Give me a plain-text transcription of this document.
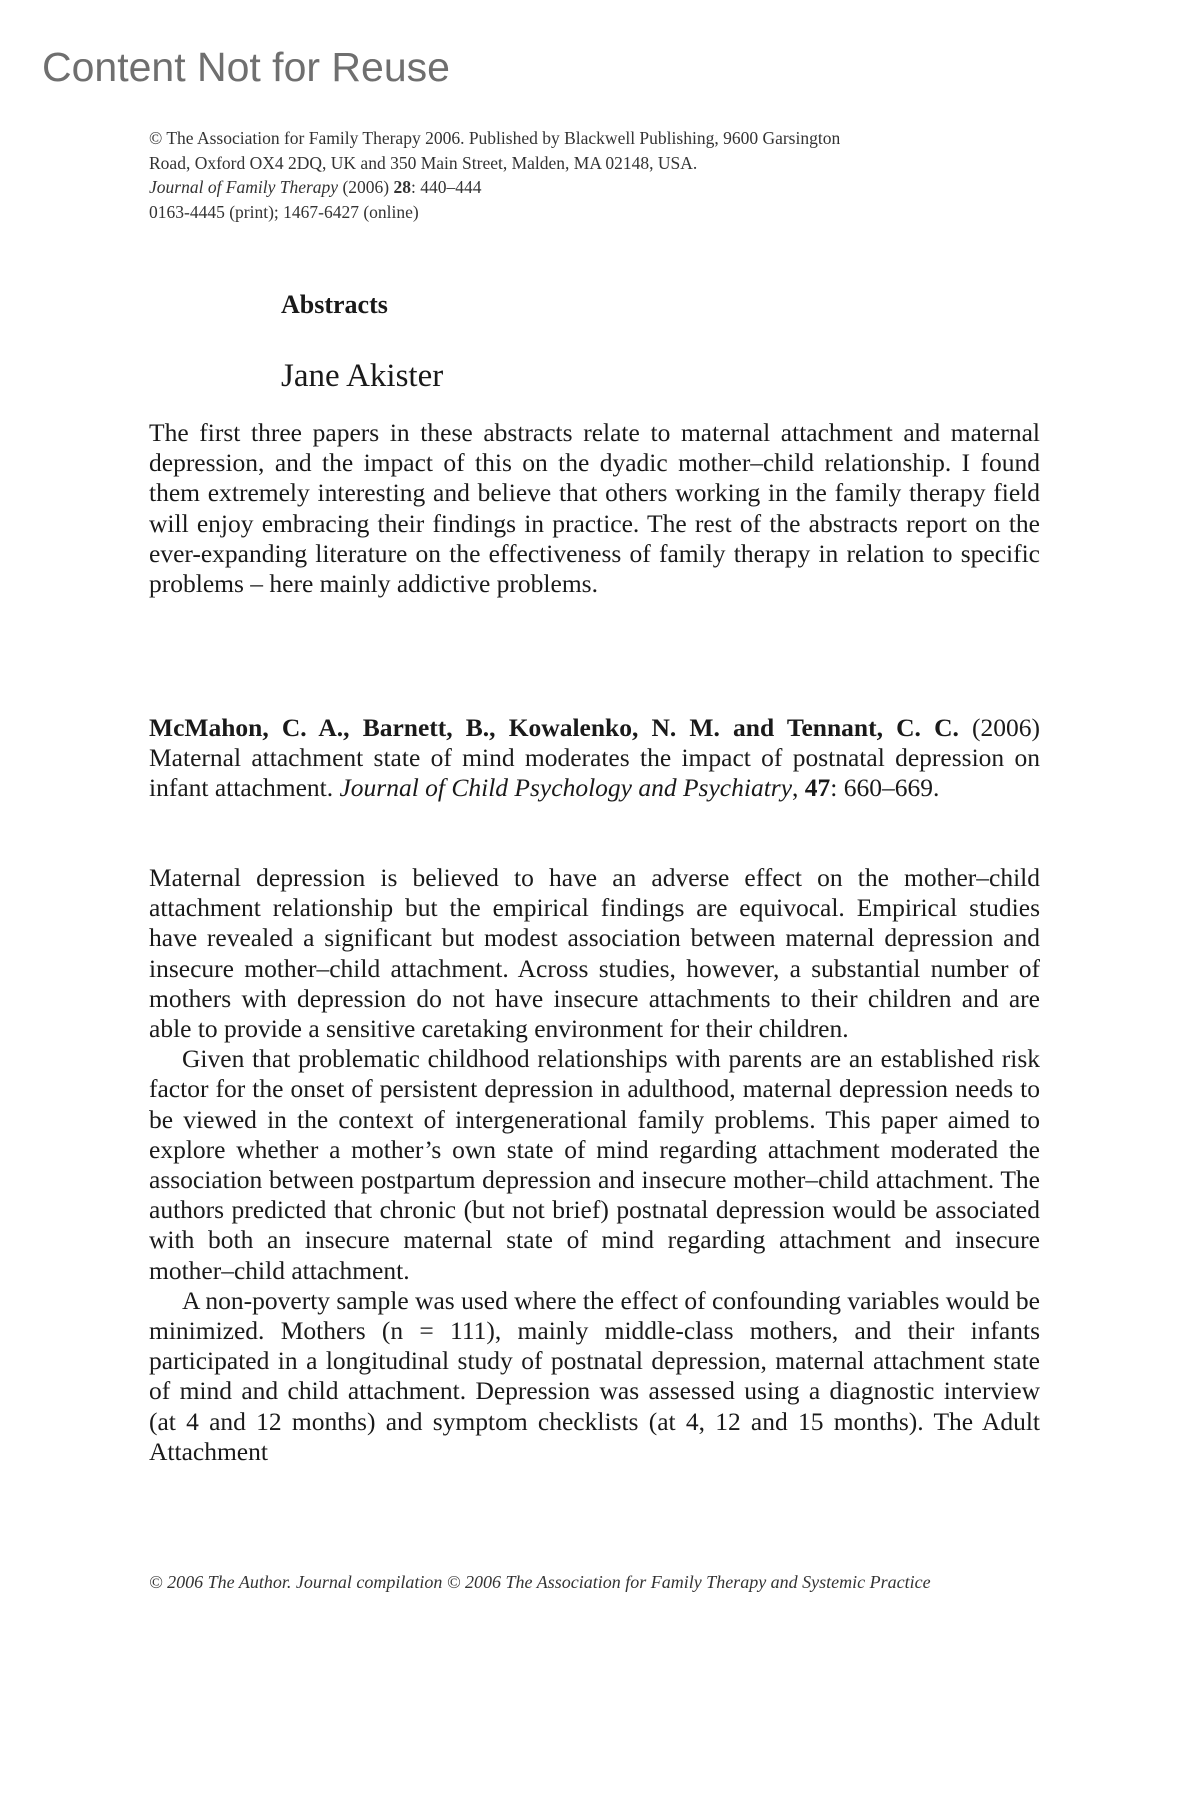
Content Not for Reuse
© The Association for Family Therapy 2006. Published by Blackwell Publishing, 9600 Garsington
Road, Oxford OX4 2DQ, UK and 350 Main Street, Malden, MA 02148, USA.
Journal of Family Therapy (2006) 28: 440–444
0163-4445 (print); 1467-6427 (online)
Abstracts
Jane Akister
The first three papers in these abstracts relate to maternal attachment and maternal depression, and the impact of this on the dyadic mother–child relationship. I found them extremely interesting and believe that others working in the family therapy field will enjoy embracing their findings in practice. The rest of the abstracts report on the ever-expanding literature on the effectiveness of family therapy in relation to specific problems – here mainly addictive problems.
McMahon, C. A., Barnett, B., Kowalenko, N. M. and Tennant, C. C. (2006) Maternal attachment state of mind moderates the impact of postnatal depression on infant attachment. Journal of Child Psychology and Psychiatry, 47: 660–669.

Maternal depression is believed to have an adverse effect on the mother–child attachment relationship but the empirical findings are equivocal. Empirical studies have revealed a significant but modest association between maternal depression and insecure mother–child attachment. Across studies, however, a substantial number of mothers with depression do not have insecure attachments to their children and are able to provide a sensitive caretaking environment for their children.

Given that problematic childhood relationships with parents are an established risk factor for the onset of persistent depression in adulthood, maternal depression needs to be viewed in the context of intergenerational family problems. This paper aimed to explore whether a mother’s own state of mind regarding attachment moderated the association between postpartum depression and insecure mother–child attachment. The authors predicted that chronic (but not brief) postnatal depression would be associated with both an insecure maternal state of mind regarding attachment and insecure mother–child attachment.

A non-poverty sample was used where the effect of confounding variables would be minimized. Mothers (n = 111), mainly middle-class mothers, and their infants participated in a longitudinal study of postnatal depression, maternal attachment state of mind and child attachment. Depression was assessed using a diagnostic interview (at 4 and 12 months) and symptom checklists (at 4, 12 and 15 months). The Adult Attachment

© 2006 The Author. Journal compilation © 2006 The Association for Family Therapy and Systemic Practice
